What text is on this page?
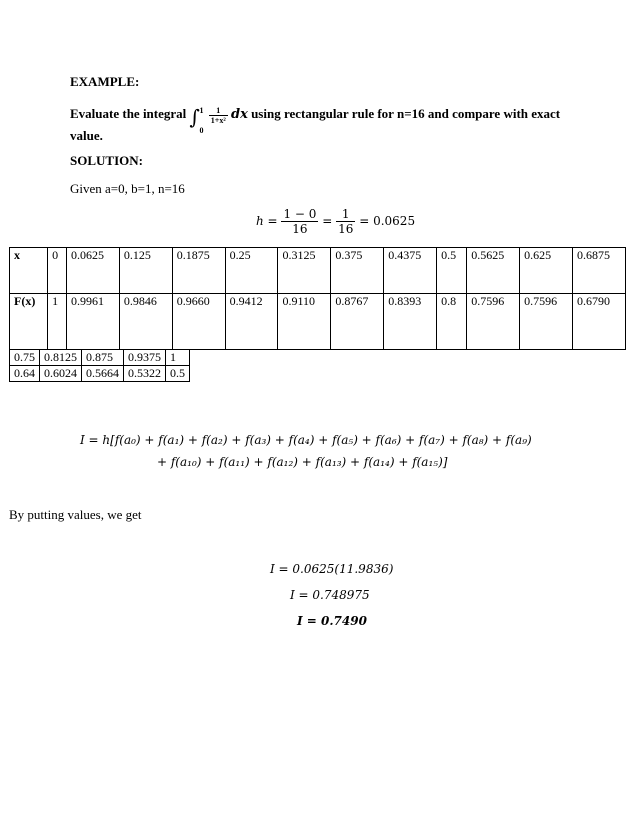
EXAMPLE:
Evaluate the integral ∫ 1
0

$\frac{1}{\text{1+x²}}$ dx using rectangular rule for n=16 and compare with exact
value.
SOLUTION:
Given a=0, b=1, n=16
$h = \frac{1 - 0}{16} = \frac{1}{16} = 0.0625$
x	0	0.0625	0.125	0.1875	0.25	0.3125	0.375	0.4375	0.5	0.5625	0.625	0.6875
F(x)	1	0.9961	0.9846	0.9660	0.9412	0.9110	0.8767	0.8393	0.8	0.7596	0.7596	0.6790
0.75	0.8125	0.875	0.9375	1
0.64	0.6024	0.5664	0.5322	0.5
I = h[f(a₀) + f(a₁) + f(a₂) + f(a₃) + f(a₄) + f(a₅) + f(a₆) + f(a₇) + f(a₈) + f(a₉)
+ f(a₁₀) + f(a₁₁) + f(a₁₂) + f(a₁₃) + f(a₁₄) + f(a₁₅)]
By putting values, we get
I = 0.0625(11.9836)
I = 0.748975
I = 0.7490
